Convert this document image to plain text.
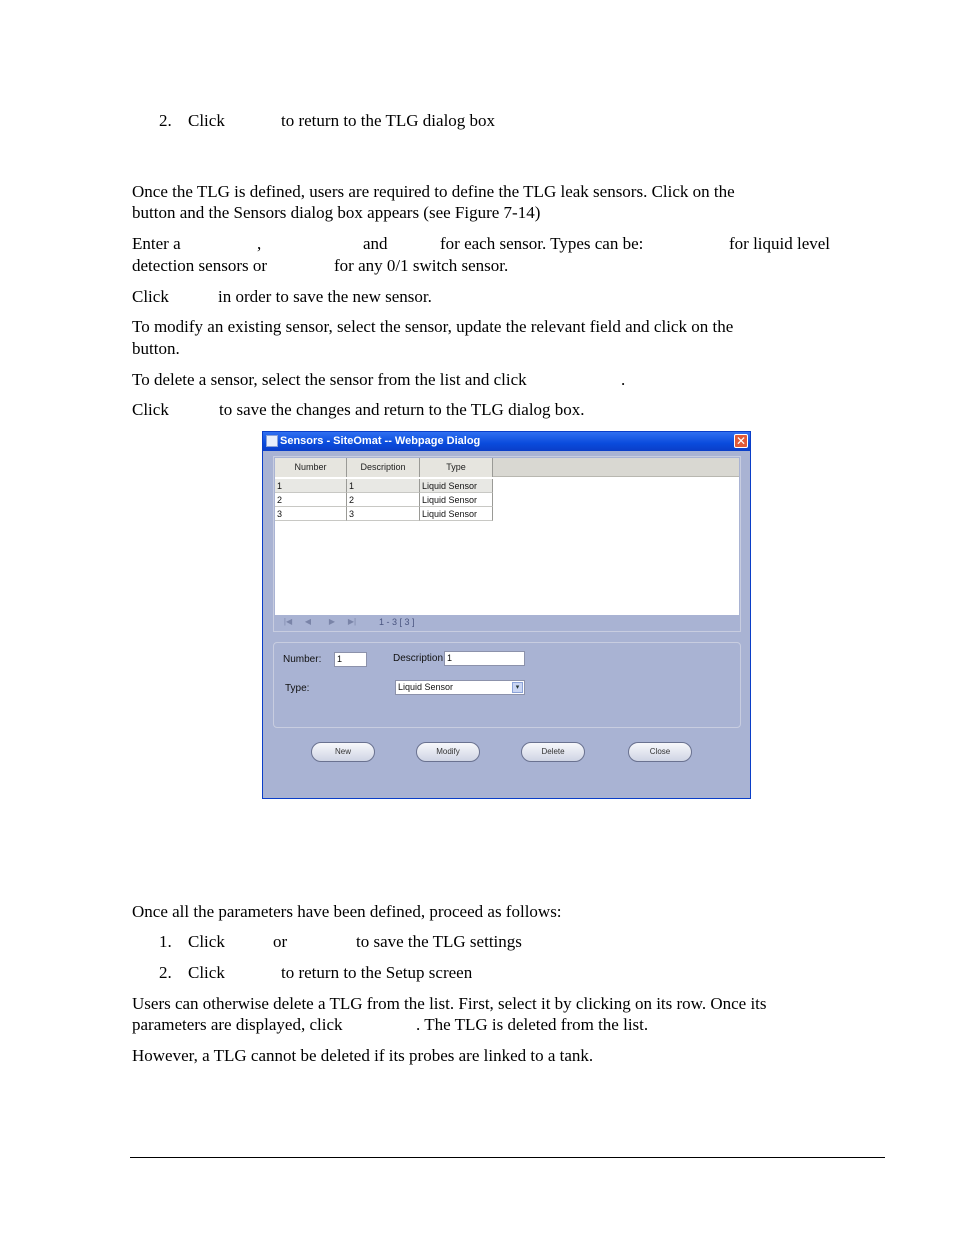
2. Click	to return to the TLG dialog box
Once the TLG is defined, users are required to define the TLG leak sensors. Click on the
button and the Sensors dialog box appears (see Figure 7-14)
Enter a	,	and	for each sensor. Types can be:	for liquid level
detection sensors or	for any 0/1 switch sensor.
Click	in order to save the new sensor.
To modify an existing sensor, select the sensor, update the relevant field and click on the
button.
To delete a sensor, select the sensor from the list and click	.
Click	to save the changes and return to the TLG dialog box.
Sensors - SiteOmat -- Webpage Dialog	✕
Number	Description	Type
1	1	Liquid Sensor
2	2	Liquid Sensor
3	3	Liquid Sensor
|◀	◀	▶	▶|	1 - 3 [ 3 ]
Number:	1	Description 1
Type:	Liquid Sensor	▾
New	Modify	Delete	Close
Once all the parameters have been defined, proceed as follows:
1. Click	or	to save the TLG settings
2. Click	to return to the Setup screen
Users can otherwise delete a TLG from the list. First, select it by clicking on its row. Once its
parameters are displayed, click	. The TLG is deleted from the list.
However, a TLG cannot be deleted if its probes are linked to a tank.
